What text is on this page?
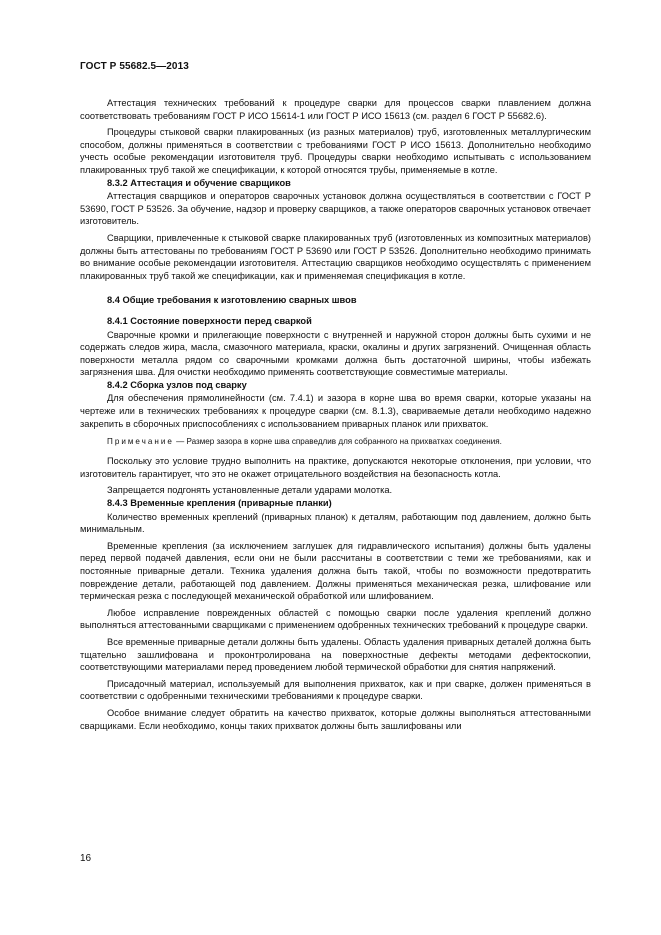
ГОСТ Р 55682.5—2013

Аттестация технических требований к процедуре сварки для процессов сварки плавлением должна соответствовать требованиям ГОСТ Р ИСО 15614-1 или ГОСТ Р ИСО 15613 (см. раздел 6 ГОСТ Р 55682.6).

Процедуры стыковой сварки плакированных (из разных материалов) труб, изготовленных металлургическим способом, должны применяться в соответствии с требованиями ГОСТ Р ИСО 15613. Дополнительно необходимо учесть особые рекомендации изготовителя труб. Процедуры сварки необходимо испытывать с использованием плакированных труб такой же спецификации, к которой относятся трубы, применяемые в котле.

8.3.2 Аттестация и обучение сварщиков

Аттестация сварщиков и операторов сварочных установок должна осуществляться в соответствии с ГОСТ Р 53690, ГОСТ Р 53526. За обучение, надзор и проверку сварщиков, а также операторов сварочных установок отвечает изготовитель.

Сварщики, привлеченные к стыковой сварке плакированных труб (изготовленных из композитных материалов) должны быть аттестованы по требованиям ГОСТ Р 53690 или ГОСТ Р 53526. Дополнительно необходимо принимать во внимание особые рекомендации изготовителя. Аттестацию сварщиков необходимо осуществлять с применением плакированных труб такой же спецификации, как и применяемая спецификация в котле.

8.4 Общие требования к изготовлению сварных швов
8.4.1 Состояние поверхности перед сваркой

Сварочные кромки и прилегающие поверхности с внутренней и наружной сторон должны быть сухими и не содержать следов жира, масла, смазочного материала, краски, окалины и других загрязнений. Очищенная область поверхности металла рядом со сварочными кромками должна быть достаточной ширины, чтобы избежать загрязнения шва. Для очистки необходимо применять соответствующие совместимые материалы.

8.4.2 Сборка узлов под сварку

Для обеспечения прямолинейности (см. 7.4.1) и зазора в корне шва во время сварки, которые указаны на чертеже или в технических требованиях к процедуре сварки (см. 8.1.3), свариваемые детали необходимо надежно закрепить в сборочных приспособлениях с использованием приварных планок или прихваток.

Примечание — Размер зазора в корне шва справедлив для собранного на прихватках соединения.

Поскольку это условие трудно выполнить на практике, допускаются некоторые отклонения, при условии, что изготовитель гарантирует, что это не окажет отрицательного воздействия на безопасность котла.

Запрещается подгонять установленные детали ударами молотка.

8.4.3 Временные крепления (приварные планки)

Количество временных креплений (приварных планок) к деталям, работающим под давлением, должно быть минимальным.

Временные крепления (за исключением заглушек для гидравлического испытания) должны быть удалены перед первой подачей давления, если они не были рассчитаны в соответствии с теми же требованиями, как и постоянные приварные детали. Техника удаления должна быть такой, чтобы по возможности предотвратить повреждение детали, работающей под давлением. Должны применяться механическая резка, шлифование или термическая резка с последующей механической обработкой или шлифованием.

Любое исправление поврежденных областей с помощью сварки после удаления креплений должно выполняться аттестованными сварщиками с применением одобренных технических требований к процедуре сварки.

Все временные приварные детали должны быть удалены. Область удаления приварных деталей должна быть тщательно зашлифована и проконтролирована на поверхностные дефекты методами дефектоскопии, соответствующими материалами перед проведением любой термической обработки для снятия напряжений.

Присадочный материал, используемый для выполнения прихваток, как и при сварке, должен применяться в соответствии с одобренными техническими требованиями к процедуре сварки.

Особое внимание следует обратить на качество прихваток, которые должны выполняться аттестованными сварщиками. Если необходимо, концы таких прихваток должны быть зашлифованы или

16
